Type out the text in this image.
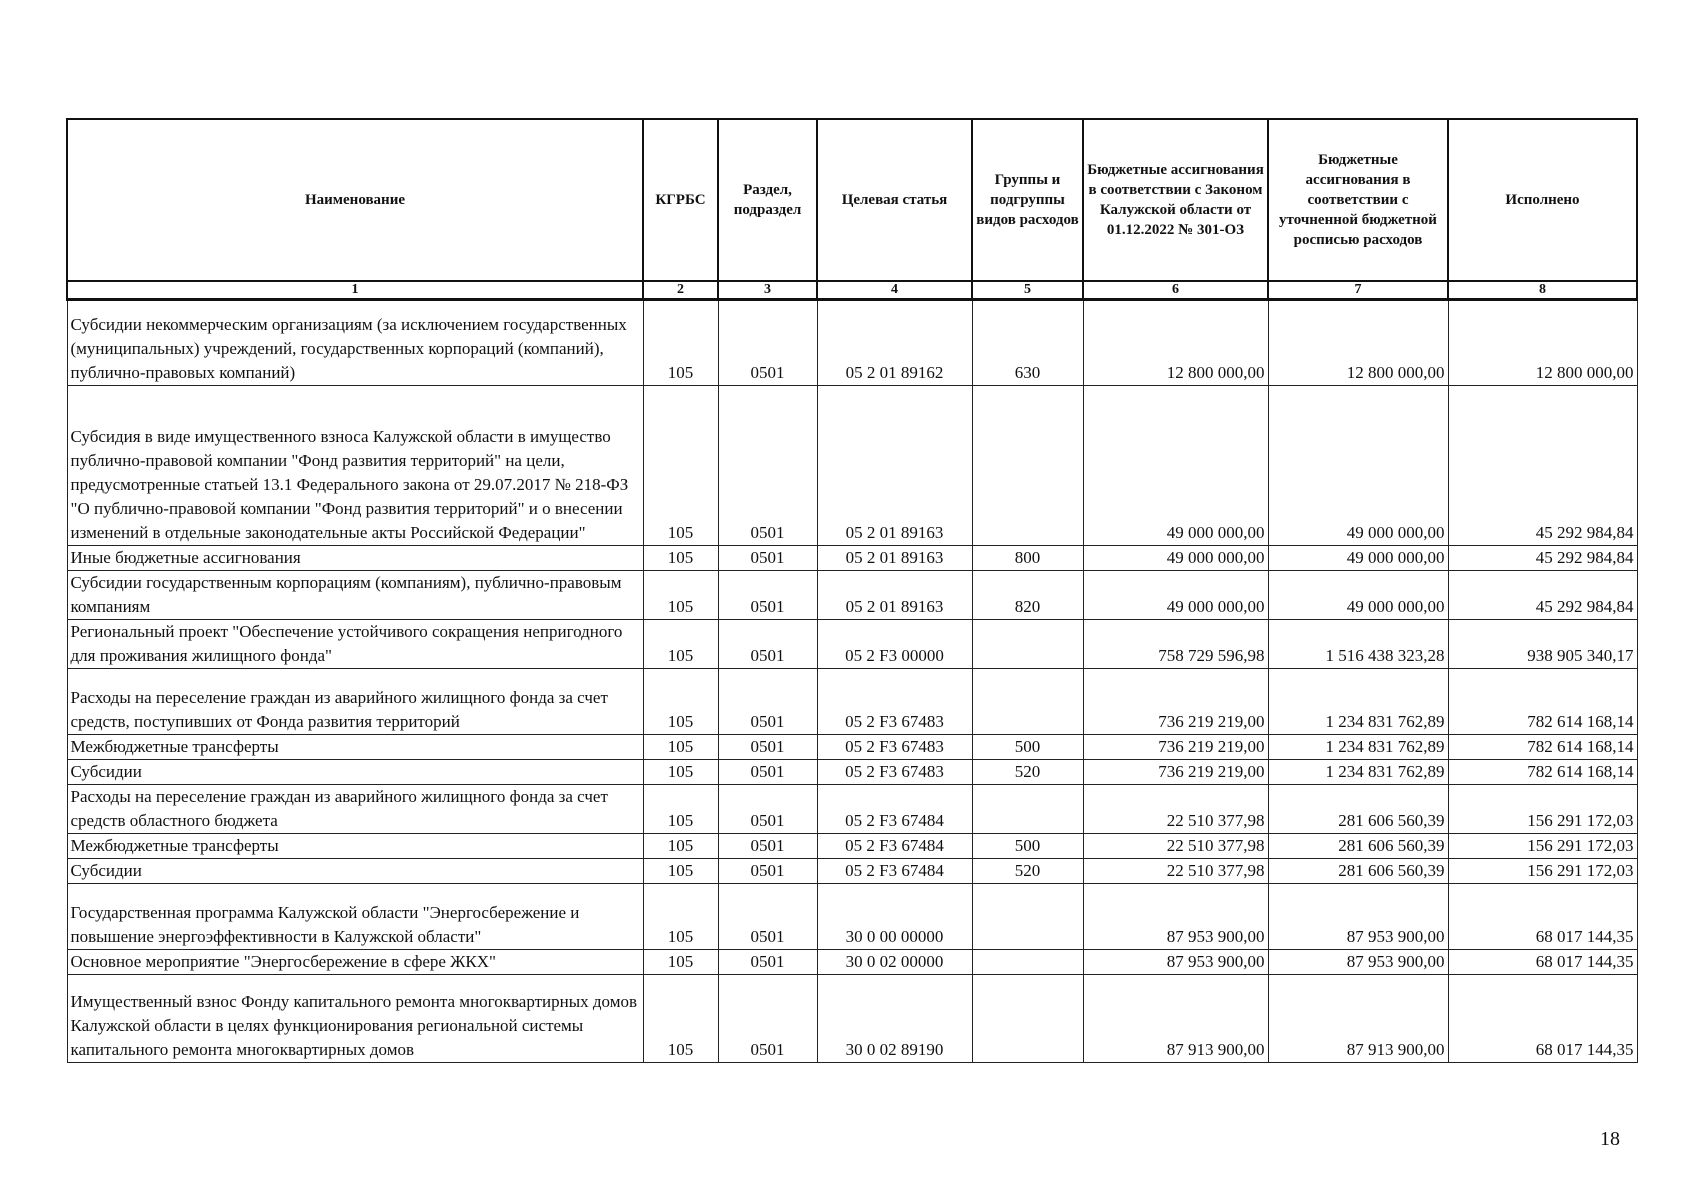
Наименование	КГРБС	Раздел, подраздел	Целевая статья	Группы и подгруппы видов расходов	Бюджетные ассигнования в соответствии с Законом Калужской области от 01.12.2022 № 301-ОЗ	Бюджетные ассигнования в соответствии с уточненной бюджетной росписью расходов	Исполнено
1	2	3	4	5	6	7	8
Субсидии некоммерческим организациям (за исключением государственных (муниципальных) учреждений, государственных корпораций (компаний), публично-правовых компаний)	105	0501	05 2 01 89162	630	12 800 000,00	12 800 000,00	12 800 000,00
Субсидия в виде имущественного взноса Калужской области в имущество публично-правовой компании "Фонд развития территорий" на цели, предусмотренные статьей 13.1 Федерального закона от 29.07.2017 № 218-ФЗ "О публично-правовой компании "Фонд развития территорий" и о внесении изменений в отдельные законодательные акты Российской Федерации"	105	0501	05 2 01 89163		49 000 000,00	49 000 000,00	45 292 984,84
Иные бюджетные ассигнования	105	0501	05 2 01 89163	800	49 000 000,00	49 000 000,00	45 292 984,84
Субсидии государственным корпорациям (компаниям), публично-правовым компаниям	105	0501	05 2 01 89163	820	49 000 000,00	49 000 000,00	45 292 984,84
Региональный проект "Обеспечение устойчивого сокращения непригодного для проживания жилищного фонда"	105	0501	05 2 F3 00000		758 729 596,98	1 516 438 323,28	938 905 340,17
Расходы на переселение граждан из аварийного жилищного фонда за счет средств, поступивших от Фонда развития территорий	105	0501	05 2 F3 67483		736 219 219,00	1 234 831 762,89	782 614 168,14
Межбюджетные трансферты	105	0501	05 2 F3 67483	500	736 219 219,00	1 234 831 762,89	782 614 168,14
Субсидии	105	0501	05 2 F3 67483	520	736 219 219,00	1 234 831 762,89	782 614 168,14
Расходы на переселение граждан из аварийного жилищного фонда за счет средств областного бюджета	105	0501	05 2 F3 67484		22 510 377,98	281 606 560,39	156 291 172,03
Межбюджетные трансферты	105	0501	05 2 F3 67484	500	22 510 377,98	281 606 560,39	156 291 172,03
Субсидии	105	0501	05 2 F3 67484	520	22 510 377,98	281 606 560,39	156 291 172,03
Государственная программа Калужской области "Энергосбережение и повышение энергоэффективности в Калужской области"	105	0501	30 0 00 00000		87 953 900,00	87 953 900,00	68 017 144,35
Основное мероприятие "Энергосбережение в сфере ЖКХ"	105	0501	30 0 02 00000		87 953 900,00	87 953 900,00	68 017 144,35
Имущественный взнос Фонду капитального ремонта многоквартирных домов Калужской области в целях функционирования региональной системы капитального ремонта многоквартирных домов	105	0501	30 0 02 89190		87 913 900,00	87 913 900,00	68 017 144,35
18
